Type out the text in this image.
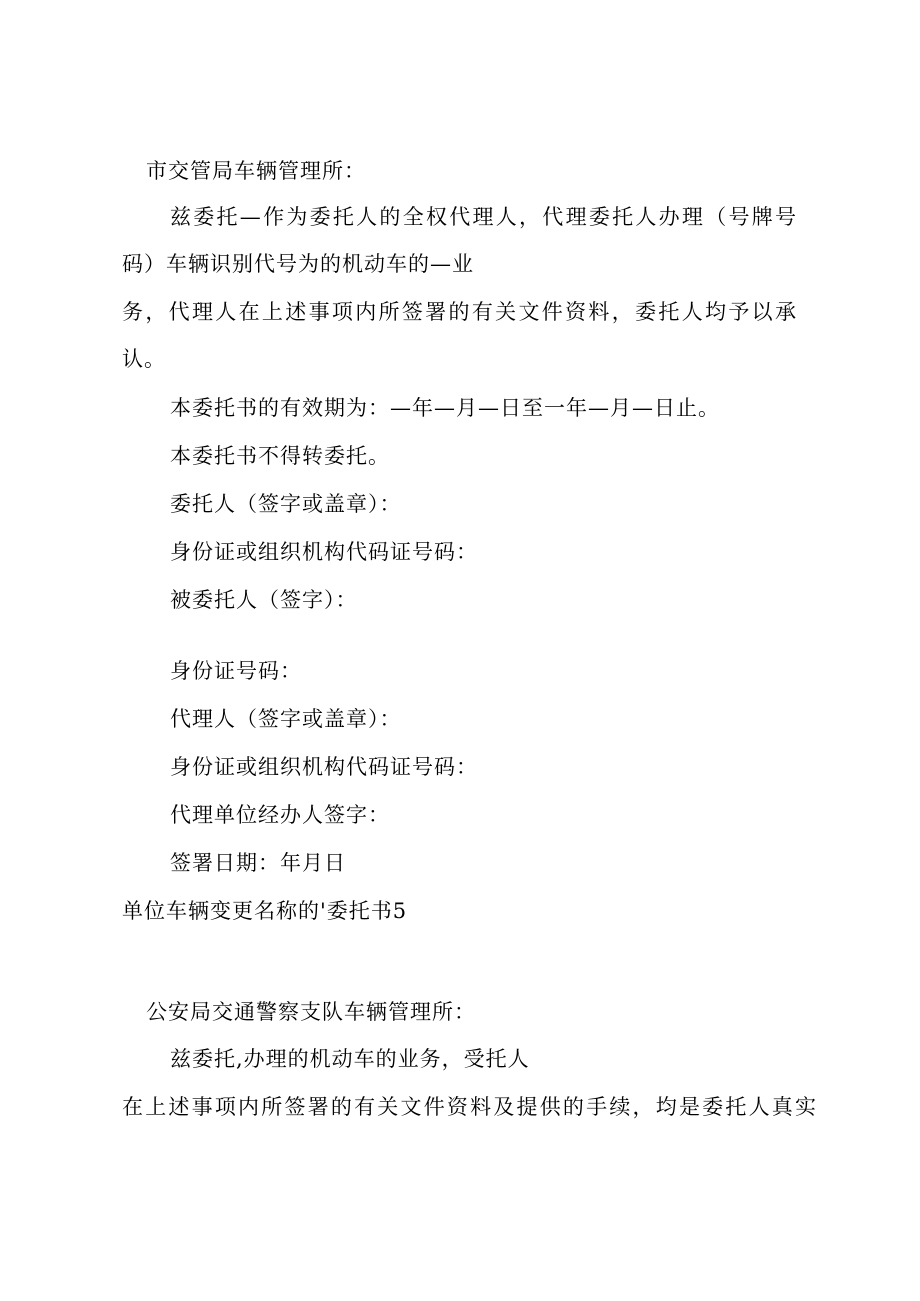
市交管局车辆管理所：
兹委托—作为委托人的全权代理人，代理委托人办理（号牌号
码）车辆识别代号为的机动车的—业
务，代理人在上述事项内所签署的有关文件资料，委托人均予以承
认。
本委托书的有效期为：—年—月—日至一年—月—日止。
本委托书不得转委托。
委托人（签字或盖章）：
身份证或组织机构代码证号码：
被委托人（签字）：
身份证号码：
代理人（签字或盖章）：
身份证或组织机构代码证号码：
代理单位经办人签字：
签署日期：年月日
单位车辆变更名称的'委托书5
公安局交通警察支队车辆管理所：
兹委托,办理的机动车的业务，受托人
在上述事项内所签署的有关文件资料及提供的手续，均是委托人真实
